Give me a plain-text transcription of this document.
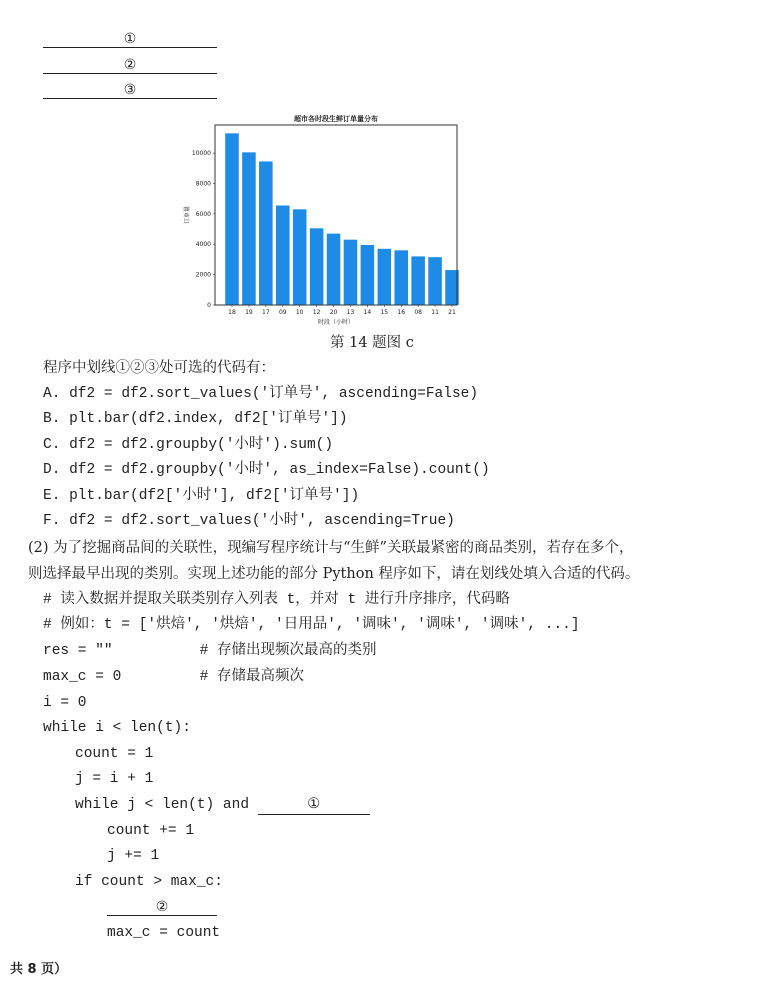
①
②
③
18 19 17 09 10 12 20 13 14 15 16 08 11 21
0
2000
4000
6000
8000
10000
超市各时段生鲜订单量分布
时段（小时）
订单量
第 14 题图 c
程序中划线①②③处可选的代码有：
A. df2 = df2.sort_values('订单号', ascending=False)
B. plt.bar(df2.index, df2['订单号'])
C. df2 = df2.groupby('小时').sum()
D. df2 = df2.groupby('小时', as_index=False).count()
E. plt.bar(df2['小时'], df2['订单号'])
F. df2 = df2.sort_values('小时', ascending=True)
(2) 为了挖掘商品间的关联性，现编写程序统计与“生鲜”关联最紧密的商品类别，若存在多个，
则选择最早出现的类别。实现上述功能的部分 Python 程序如下，请在划线处填入合适的代码。
# 读入数据并提取关联类别存入列表 t，并对 t 进行升序排序，代码略
# 例如：t = ['烘焙', '烘焙', '日用品', '调味', '调味', '调味', ...]
res = ""          # 存储出现频次最高的类别
max_c = 0         # 存储最高频次
i = 0
while i < len(t):
count = 1
j = i + 1
while j < len(t) and	①
count += 1
j += 1
if count > max_c:
②
max_c = count
共 8 页）
